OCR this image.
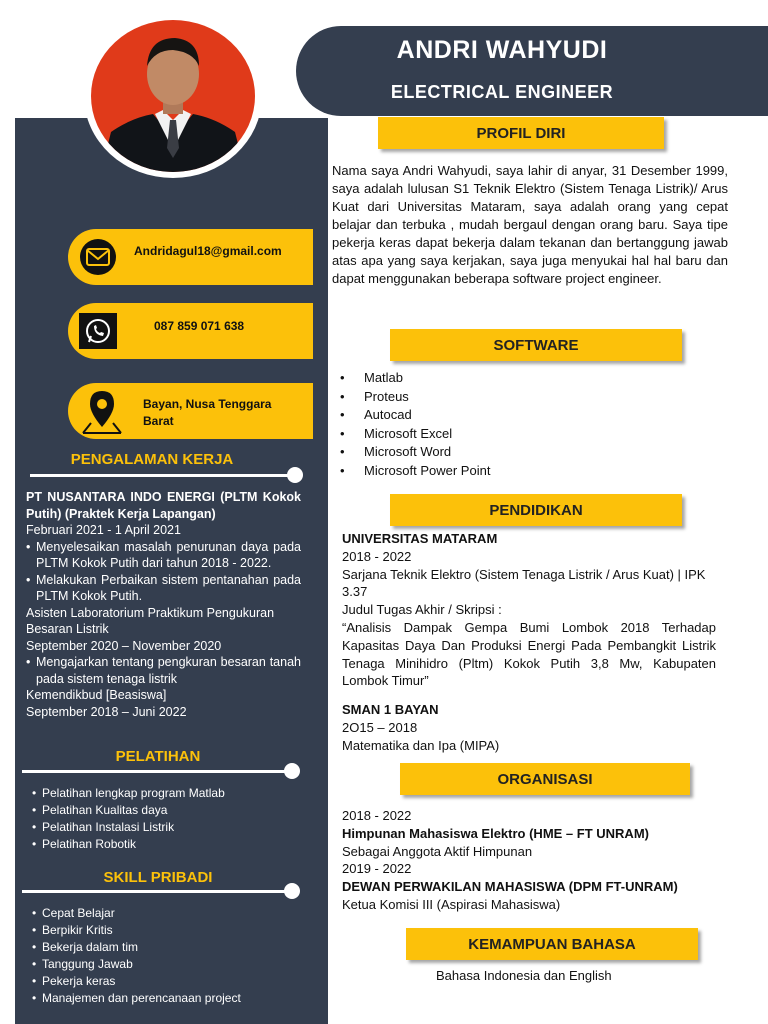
ANDRI WAHYUDI
ELECTRICAL ENGINEER
Andridagul18@gmail.com
087 859 071 638
Bayan, Nusa Tenggara Barat
PENGALAMAN KERJA
PT NUSANTARA INDO ENERGI (PLTM Kokok Putih) (Praktek Kerja Lapangan)
Februari 2021 - 1 April 2021
• Menyelesaikan masalah penurunan daya pada PLTM Kokok Putih dari tahun 2018 - 2022.
• Melakukan Perbaikan sistem pentanahan pada PLTM Kokok Putih.
Asisten Laboratorium Praktikum Pengukuran Besaran Listrik
September 2020 – November 2020
• Mengajarkan tentang pengkuran besaran tanah pada sistem tenaga listrik
Kemendikbud [Beasiswa]
September 2018 – Juni 2022
PELATIHAN
• Pelatihan lengkap program Matlab
• Pelatihan Kualitas daya
• Pelatihan Instalasi Listrik
• Pelatihan Robotik
SKILL PRIBADI
• Cepat Belajar
• Berpikir Kritis
• Bekerja dalam tim
• Tanggung Jawab
• Pekerja keras
• Manajemen dan perencanaan project
PROFIL DIRI
Nama saya Andri Wahyudi, saya lahir di anyar, 31 Desember 1999, saya adalah lulusan S1 Teknik Elektro (Sistem Tenaga Listrik)/ Arus Kuat dari Universitas Mataram, saya adalah orang yang cepat belajar dan terbuka , mudah bergaul dengan orang baru. Saya tipe pekerja keras dapat bekerja dalam tekanan dan bertanggung jawab atas apa yang saya kerjakan, saya juga menyukai hal hal baru dan dapat menggunakan beberapa software project engineer.
SOFTWARE
• Matlab
• Proteus
• Autocad
• Microsoft Excel
• Microsoft Word
• Microsoft Power Point
PENDIDIKAN
UNIVERSITAS MATARAM
2018 - 2022
Sarjana Teknik Elektro (Sistem Tenaga Listrik / Arus Kuat) | IPK 3.37
Judul Tugas Akhir / Skripsi :
“Analisis Dampak Gempa Bumi Lombok 2018 Terhadap Kapasitas Daya Dan Produksi Energi Pada Pembangkit Listrik Tenaga Minihidro (Pltm) Kokok Putih 3,8 Mw, Kabupaten Lombok Timur”
SMAN 1 BAYAN
2O15 – 2018
Matematika dan Ipa (MIPA)
ORGANISASI
2018 - 2022
Himpunan Mahasiswa Elektro (HME – FT UNRAM)
Sebagai Anggota Aktif Himpunan
2019 - 2022
DEWAN PERWAKILAN MAHASISWA (DPM FT-UNRAM)
Ketua Komisi III (Aspirasi Mahasiswa)
KEMAMPUAN BAHASA
Bahasa Indonesia dan English
